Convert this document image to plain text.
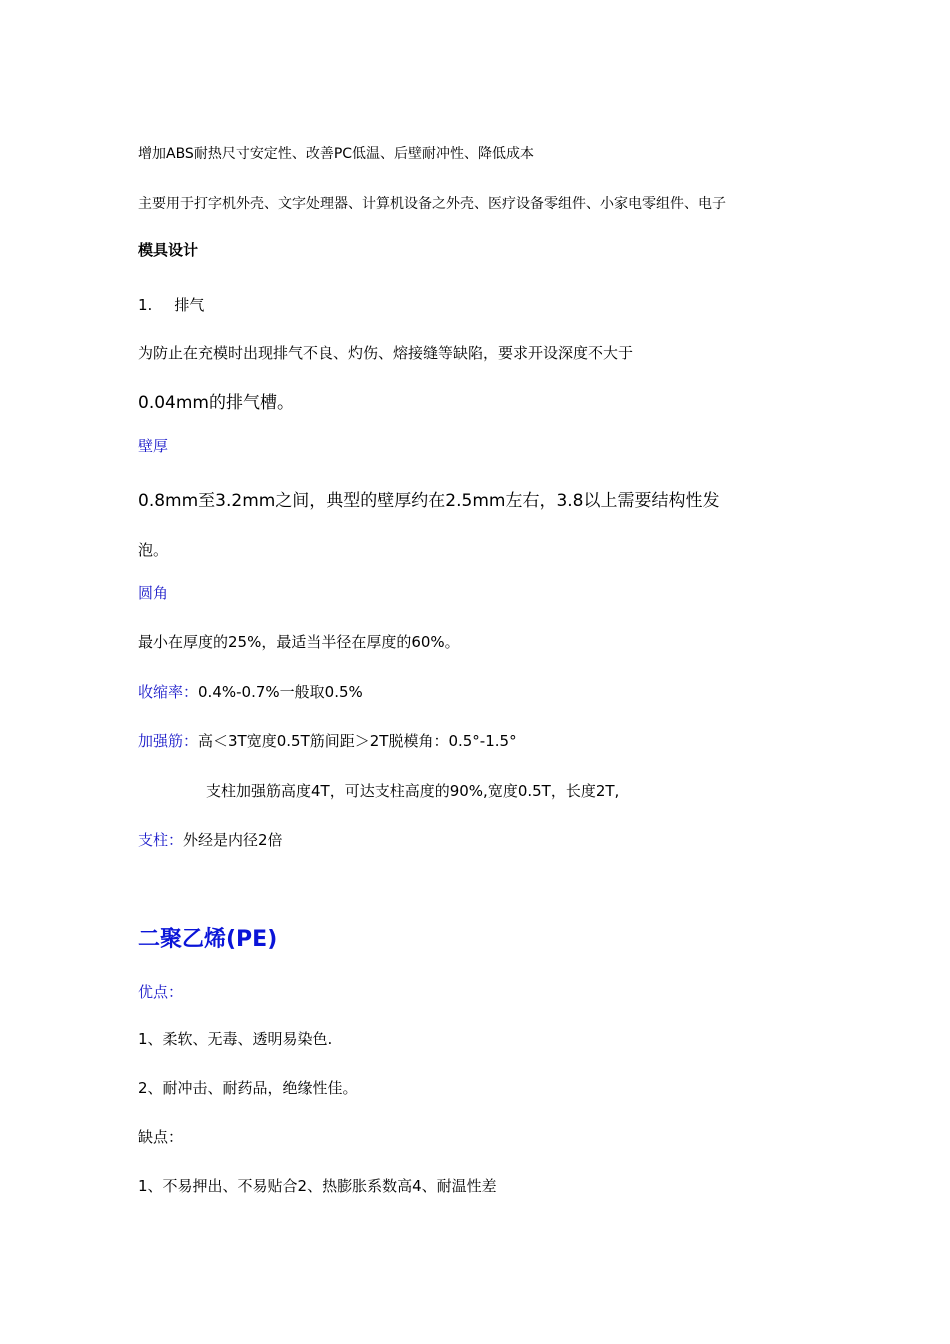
增加ABS耐热尺寸安定性、改善PC低温、后壁耐冲性、降低成本
主要用于打字机外壳、文字处理器、计算机设备之外壳、医疗设备零组件、小家电零组件、电子
模具设计
1. 排气
为防止在充模时出现排气不良、灼伤、熔接缝等缺陷，要求开设深度不大于
0.04mm的排气槽。
壁厚
0.8mm至3.2mm之间，典型的壁厚约在2.5mm左右，3.8以上需要结构性发
泡。
圆角
最小在厚度的25%，最适当半径在厚度的60%。
收缩率：0.4%-0.7%一般取0.5%
加强筋：高＜3T宽度0.5T筋间距＞2T脱模角：0.5°-1.5°
支柱加强筋高度4T，可达支柱高度的90%,宽度0.5T，长度2T,
支柱：外经是内径2倍
二聚乙烯(PE)
优点：
1、柔软、无毒、透明易染色.
2、耐冲击、耐药品，绝缘性佳。
缺点：
1、不易押出、不易贴合2、热膨胀系数高4、耐温性差
